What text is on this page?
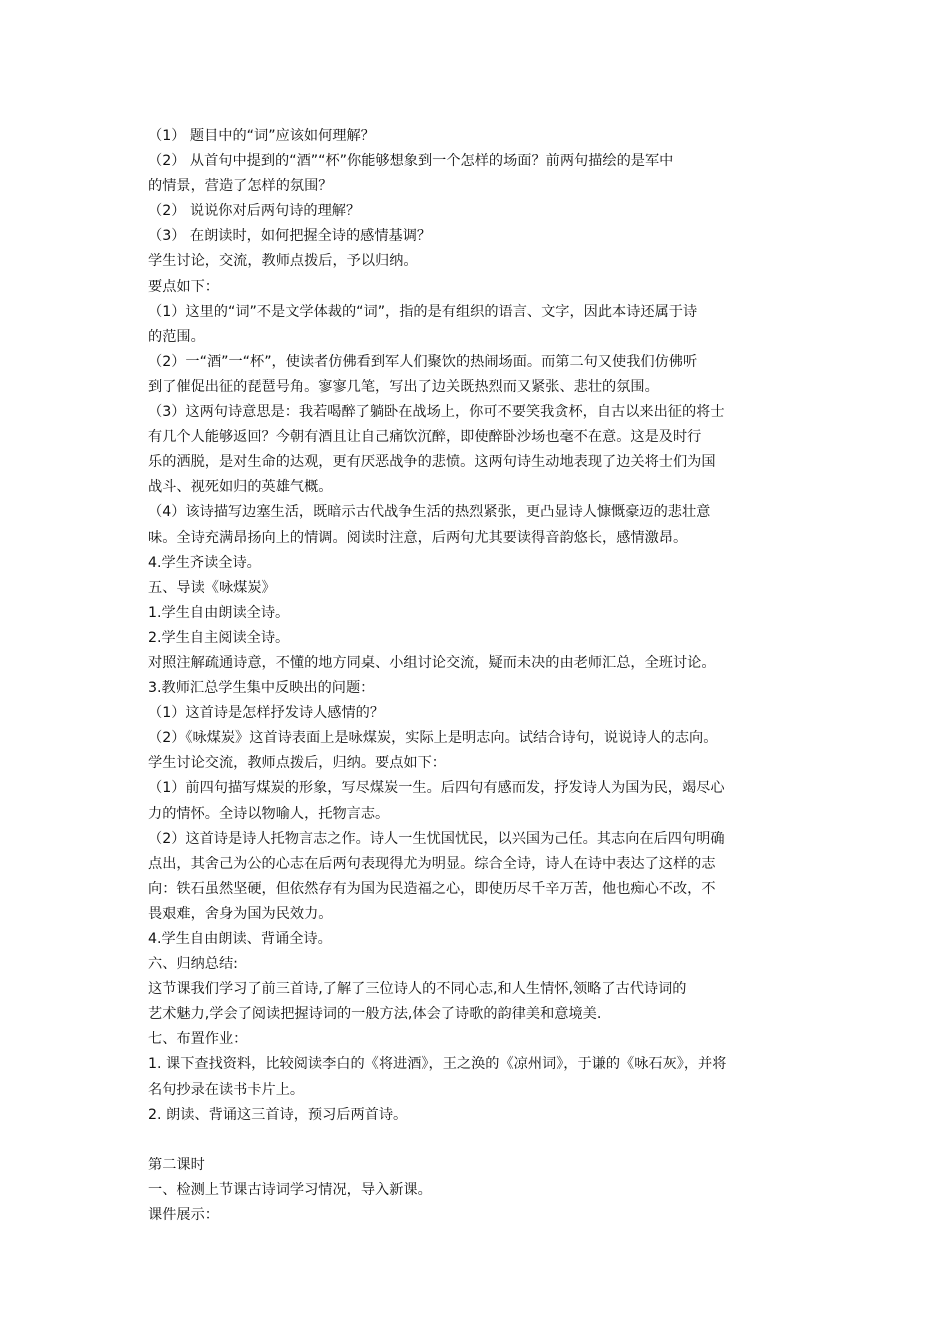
（1） 题目中的“词”应该如何理解？

（2） 从首句中提到的“酒”“杯”你能够想象到一个怎样的场面？前两句描绘的是军中

的情景，营造了怎样的氛围？

（2） 说说你对后两句诗的理解？

（3） 在朗读时，如何把握全诗的感情基调？

学生讨论，交流，教师点拨后，予以归纳。

要点如下：

（1）这里的“词”不是文学体裁的“词”，指的是有组织的语言、文字，因此本诗还属于诗

的范围。

（2）一“酒”一“杯”，使读者仿佛看到军人们聚饮的热闹场面。而第二句又使我们仿佛听

到了催促出征的琵琶号角。寥寥几笔，写出了边关既热烈而又紧张、悲壮的氛围。

（3）这两句诗意思是：我若喝醉了躺卧在战场上，你可不要笑我贪杯，自古以来出征的将士

有几个人能够返回？今朝有酒且让自己痛饮沉醉，即使醉卧沙场也毫不在意。这是及时行

乐的洒脱，是对生命的达观，更有厌恶战争的悲愤。这两句诗生动地表现了边关将士们为国

战斗、视死如归的英雄气概。

（4）该诗描写边塞生活，既暗示古代战争生活的热烈紧张，更凸显诗人慷慨豪迈的悲壮意

味。全诗充满昂扬向上的情调。阅读时注意，后两句尤其要读得音韵悠长，感情激昂。

4.学生齐读全诗。

五、导读《咏煤炭》

1.学生自由朗读全诗。

2.学生自主阅读全诗。

对照注解疏通诗意，不懂的地方同桌、小组讨论交流，疑而未决的由老师汇总，全班讨论。

3.教师汇总学生集中反映出的问题：

（1）这首诗是怎样抒发诗人感情的？

（2）《咏煤炭》这首诗表面上是咏煤炭，实际上是明志向。试结合诗句，说说诗人的志向。

学生讨论交流，教师点拨后，归纳。要点如下：

（1）前四句描写煤炭的形象，写尽煤炭一生。后四句有感而发，抒发诗人为国为民，竭尽心

力的情怀。全诗以物喻人，托物言志。

（2）这首诗是诗人托物言志之作。诗人一生忧国忧民，以兴国为己任。其志向在后四句明确

点出，其舍己为公的心志在后两句表现得尤为明显。综合全诗，诗人在诗中表达了这样的志

向：铁石虽然坚硬，但依然存有为国为民造福之心，即使历尽千辛万苦，他也痴心不改，不

畏艰难，舍身为国为民效力。

4.学生自由朗读、背诵全诗。

六、归纳总结:

这节课我们学习了前三首诗,了解了三位诗人的不同心志,和人生情怀,领略了古代诗词的

艺术魅力,学会了阅读把握诗词的一般方法,体会了诗歌的韵律美和意境美.

七、布置作业：

1. 课下查找资料，比较阅读李白的《将进酒》，王之涣的《凉州词》，于谦的《咏石灰》，并将

名句抄录在读书卡片上。

2. 朗读、背诵这三首诗，预习后两首诗。

第二课时

一、检测上节课古诗词学习情况，导入新课。

课件展示：
